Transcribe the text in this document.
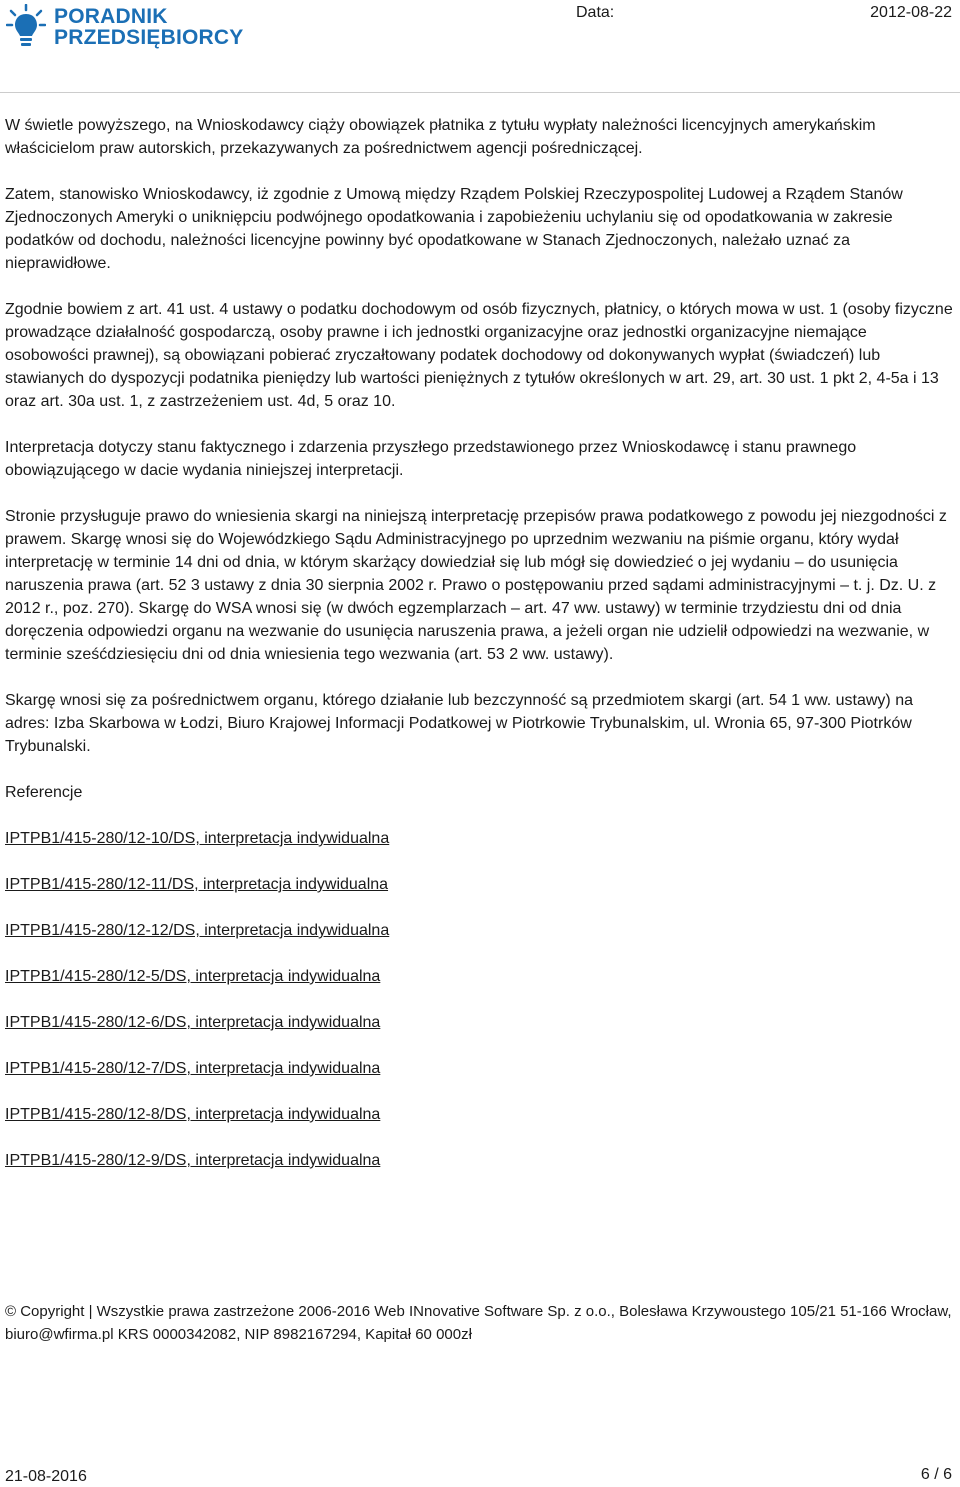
PORADNIK
PRZEDSIĘBIORCY
Data:	2012-08-22

W świetle powyższego, na Wnioskodawcy ciąży obowiązek płatnika z tytułu wypłaty należności licencyjnych amerykańskim właścicielom praw autorskich, przekazywanych za pośrednictwem agencji pośredniczącej.

Zatem, stanowisko Wnioskodawcy, iż zgodnie z Umową między Rządem Polskiej Rzeczypospolitej Ludowej a Rządem Stanów Zjednoczonych Ameryki o unikniępciu podwójnego opodatkowania i zapobieżeniu uchylaniu się od opodatkowania w zakresie podatków od dochodu, należności licencyjne powinny być opodatkowane w Stanach Zjednoczonych, należało uznać za nieprawidłowe.

Zgodnie bowiem z art. 41 ust. 4 ustawy o podatku dochodowym od osób fizycznych, płatnicy, o których mowa w ust. 1 (osoby fizyczne prowadzące działalność gospodarczą, osoby prawne i ich jednostki organizacyjne oraz jednostki organizacyjne niemające osobowości prawnej), są obowiązani pobierać zryczałtowany podatek dochodowy od dokonywanych wypłat (świadczeń) lub stawianych do dyspozycji podatnika pieniędzy lub wartości pieniężnych z tytułów określonych w art. 29, art. 30 ust. 1 pkt 2, 4-5a i 13 oraz art. 30a ust. 1, z zastrzeżeniem ust. 4d, 5 oraz 10.

Interpretacja dotyczy stanu faktycznego i zdarzenia przyszłego przedstawionego przez Wnioskodawcę i stanu prawnego obowiązującego w dacie wydania niniejszej interpretacji.

Stronie przysługuje prawo do wniesienia skargi na niniejszą interpretację przepisów prawa podatkowego z powodu jej niezgodności z prawem. Skargę wnosi się do Wojewódzkiego Sądu Administracyjnego po uprzednim wezwaniu na piśmie organu, który wydał interpretację w terminie 14 dni od dnia, w którym skarżący dowiedział się lub mógł się dowiedzieć o jej wydaniu – do usunięcia naruszenia prawa (art. 52 3 ustawy z dnia 30 sierpnia 2002 r. Prawo o postępowaniu przed sądami administracyjnymi – t. j. Dz. U. z 2012 r., poz. 270). Skargę do WSA wnosi się (w dwóch egzemplarzach – art. 47 ww. ustawy) w terminie trzydziestu dni od dnia doręczenia odpowiedzi organu na wezwanie do usunięcia naruszenia prawa, a jeżeli organ nie udzielił odpowiedzi na wezwanie, w terminie sześćdziesięciu dni od dnia wniesienia tego wezwania (art. 53 2 ww. ustawy).

Skargę wnosi się za pośrednictwem organu, którego działanie lub bezczynność są przedmiotem skargi (art. 54 1 ww. ustawy) na adres: Izba Skarbowa w Łodzi, Biuro Krajowej Informacji Podatkowej w Piotrkowie Trybunalskim, ul. Wronia 65, 97-300 Piotrków Trybunalski.

Referencje
IPTPB1/415-280/12-10/DS, interpretacja indywidualna
IPTPB1/415-280/12-11/DS, interpretacja indywidualna
IPTPB1/415-280/12-12/DS, interpretacja indywidualna
IPTPB1/415-280/12-5/DS, interpretacja indywidualna
IPTPB1/415-280/12-6/DS, interpretacja indywidualna
IPTPB1/415-280/12-7/DS, interpretacja indywidualna
IPTPB1/415-280/12-8/DS, interpretacja indywidualna
IPTPB1/415-280/12-9/DS, interpretacja indywidualna
© Copyright | Wszystkie prawa zastrzeżone 2006-2016 Web INnovative Software Sp. z o.o., Bolesława Krzywoustego 105/21 51-166 Wrocław, biuro@wfirma.pl KRS 0000342082, NIP 8982167294, Kapitał 60 000zł
21-08-2016	6 / 6
